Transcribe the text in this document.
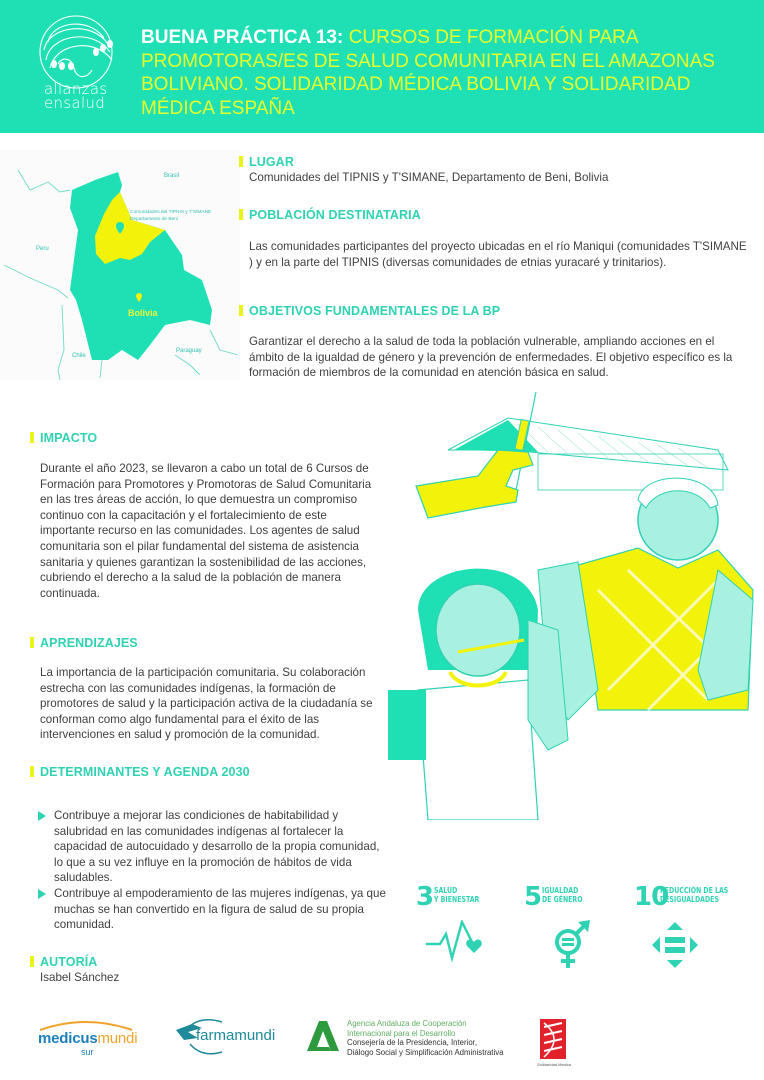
alianzas
ensalud
BUENA PRÁCTICA 13: CURSOS DE FORMACIÓN PARA PROMOTORAS/ES DE SALUD COMUNITARIA EN EL AMAZONAS BOLIVIANO. SOLIDARIDAD MÉDICA BOLIVIA Y SOLIDARIDAD MÉDICA ESPAÑA
Brasil
Comunidades del TIPNIS y T'SIMANE
Departamento de Beni
Peru
Bolivia
Chile
Paraguay
LUGAR
Comunidades del TIPNIS y T'SIMANE, Departamento de Beni, Bolivia
POBLACIÓN DESTINATARIA
Las comunidades participantes del proyecto ubicadas en el río Maniqui (comunidades T'SIMANE ) y en la parte del TIPNIS (diversas comunidades de etnias yuracaré y trinitarios).
OBJETIVOS FUNDAMENTALES DE LA BP
Garantizar el derecho a la salud de toda la población vulnerable, ampliando acciones en el ámbito de la igualdad de género y la prevención de enfermedades. El objetivo específico es la formación de miembros de la comunidad en atención básica en salud.
IMPACTO
Durante el año 2023, se llevaron a cabo un total de 6 Cursos de Formación para Promotores y Promotoras de Salud Comunitaria en las tres áreas de acción, lo que demuestra un compromiso continuo con la capacitación y el fortalecimiento de este importante recurso en las comunidades. Los agentes de salud comunitaria son el pilar fundamental del sistema de asistencia sanitaria y quienes garantizan la sostenibilidad de las acciones, cubriendo el derecho a la salud de la población de manera continuada.
APRENDIZAJES
La importancia de la participación comunitaria. Su colaboración estrecha con las comunidades indígenas, la formación de promotores de salud y la participación activa de la ciudadanía se conforman como algo fundamental para el éxito de las intervenciones en salud y promoción de la comunidad.
DETERMINANTES Y AGENDA 2030
Contribuye a mejorar las condiciones de habitabilidad y salubridad en las comunidades indígenas al fortalecer la capacidad de autocuidado y desarrollo de la propia comunidad, lo que a su vez influye en la promoción de hábitos de vida saludables.
Contribuye al empoderamiento de las mujeres indígenas, ya que muchas se han convertido en la figura de salud de su propia comunidad.
AUTORÍA
Isabel Sánchez
3 SALUD
Y BIENESTAR 5 IGUALDAD
DE GÉNERO 10
REDUCCIÓN DE LAS
DESIGUALDADES
medicusmundi
sur
farmamundi
Agencia Andaluza de Cooperación
Internacional para el Desarrollo
Consejería de la Presidencia, Interior,
Diálogo Social y Simplificación Administrativa
Solidaridad Médica
